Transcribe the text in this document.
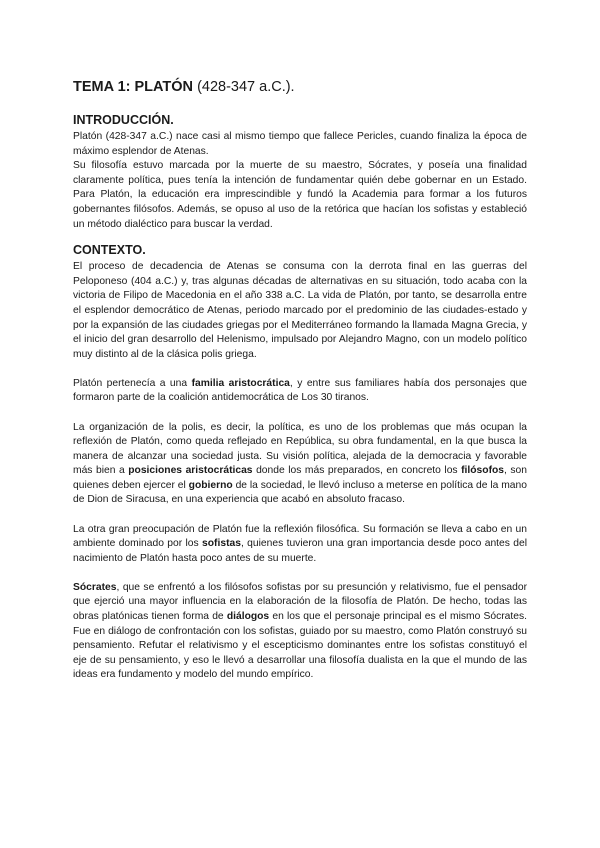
TEMA 1: PLATÓN (428-347 a.C.).
INTRODUCCIÓN.

Platón (428-347 a.C.) nace casi al mismo tiempo que fallece Pericles, cuando finaliza la época de máximo esplendor de Atenas.

Su filosofía estuvo marcada por la muerte de su maestro, Sócrates, y poseía una finalidad claramente política, pues tenía la intención de fundamentar quién debe gobernar en un Estado. Para Platón, la educación era imprescindible y fundó la Academia para formar a los futuros gobernantes filósofos. Además, se opuso al uso de la retórica que hacían los sofistas y estableció un método dialéctico para buscar la verdad.

CONTEXTO.

El proceso de decadencia de Atenas se consuma con la derrota final en las guerras del Peloponeso (404 a.C.) y, tras algunas décadas de alternativas en su situación, todo acaba con la victoria de Filipo de Macedonia en el año 338 a.C. La vida de Platón, por tanto, se desarrolla entre el esplendor democrático de Atenas, periodo marcado por el predominio de las ciudades-estado y por la expansión de las ciudades griegas por el Mediterráneo formando la llamada Magna Grecia, y el inicio del gran desarrollo del Helenismo, impulsado por Alejandro Magno, con un modelo político muy distinto al de la clásica polis griega.

Platón pertenecía a una familia aristocrática, y entre sus familiares había dos personajes que formaron parte de la coalición antidemocrática de Los 30 tiranos.

La organización de la polis, es decir, la política, es uno de los problemas que más ocupan la reflexión de Platón, como queda reflejado en República, su obra fundamental, en la que busca la manera de alcanzar una sociedad justa. Su visión política, alejada de la democracia y favorable más bien a posiciones aristocráticas donde los más preparados, en concreto los filósofos, son quienes deben ejercer el gobierno de la sociedad, le llevó incluso a meterse en política de la mano de Dion de Siracusa, en una experiencia que acabó en absoluto fracaso.

La otra gran preocupación de Platón fue la reflexión filosófica. Su formación se lleva a cabo en un ambiente dominado por los sofistas, quienes tuvieron una gran importancia desde poco antes del nacimiento de Platón hasta poco antes de su muerte.

Sócrates, que se enfrentó a los filósofos sofistas por su presunción y relativismo, fue el pensador que ejerció una mayor influencia en la elaboración de la filosofía de Platón. De hecho, todas las obras platónicas tienen forma de diálogos en los que el personaje principal es el mismo Sócrates. Fue en diálogo de confrontación con los sofistas, guiado por su maestro, como Platón construyó su pensamiento. Refutar el relativismo y el escepticismo dominantes entre los sofistas constituyó el eje de su pensamiento, y eso le llevó a desarrollar una filosofía dualista en la que el mundo de las ideas era fundamento y modelo del mundo empírico.
